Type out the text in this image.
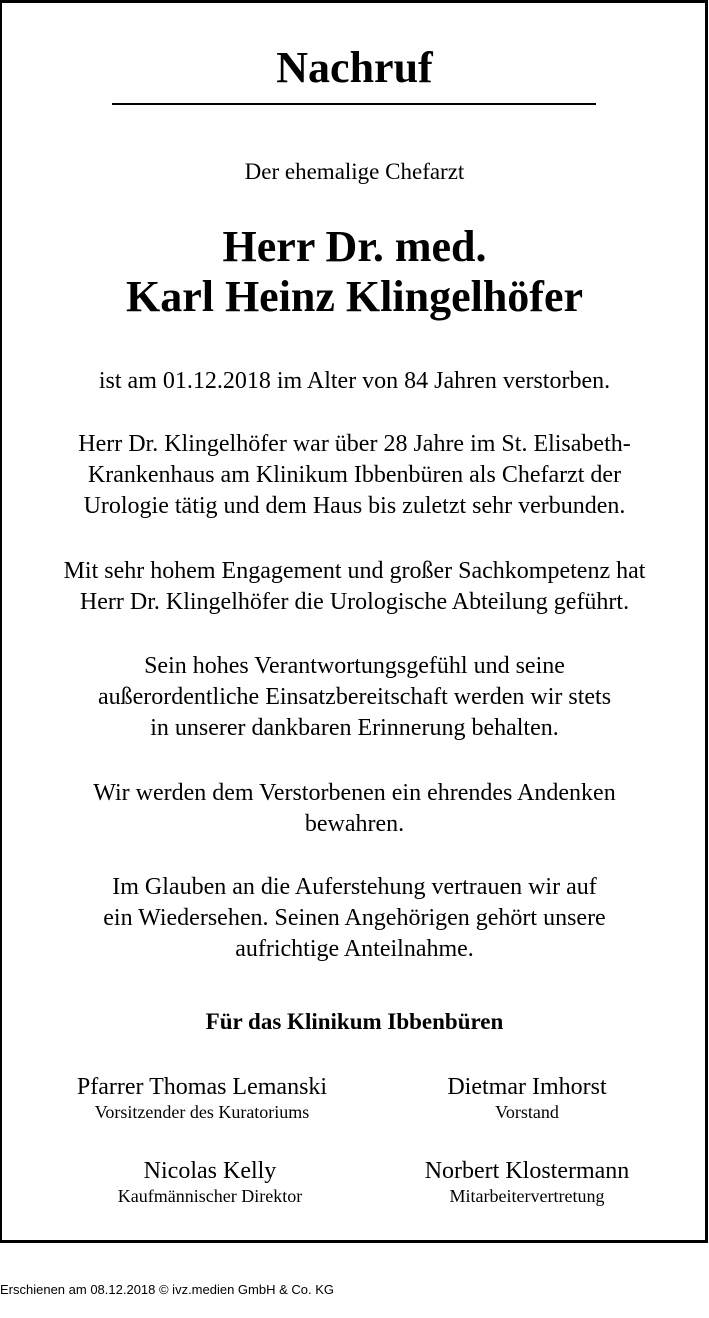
Nachruf
Der ehemalige Chefarzt
Herr Dr. med.
Karl Heinz Klingelhöfer
ist am 01.12.2018 im Alter von 84 Jahren verstorben.
Herr Dr. Klingelhöfer war über 28 Jahre im St. Elisabeth-
Krankenhaus am Klinikum Ibbenbüren als Chefarzt der
Urologie tätig und dem Haus bis zuletzt sehr verbunden.
Mit sehr hohem Engagement und großer Sachkompetenz hat
Herr Dr. Klingelhöfer die Urologische Abteilung geführt.
Sein hohes Verantwortungsgefühl und seine
außerordentliche Einsatzbereitschaft werden wir stets
in unserer dankbaren Erinnerung behalten.
Wir werden dem Verstorbenen ein ehrendes Andenken
bewahren.
Im Glauben an die Auferstehung vertrauen wir auf
ein Wiedersehen. Seinen Angehörigen gehört unsere
aufrichtige Anteilnahme.
Für das Klinikum Ibbenbüren
Pfarrer Thomas Lemanski
Vorsitzender des Kuratoriums
Dietmar Imhorst
Vorstand
Nicolas Kelly
Kaufmännischer Direktor
Norbert Klostermann
Mitarbeitervertretung
Erschienen am 08.12.2018 © ivz.medien GmbH & Co. KG
